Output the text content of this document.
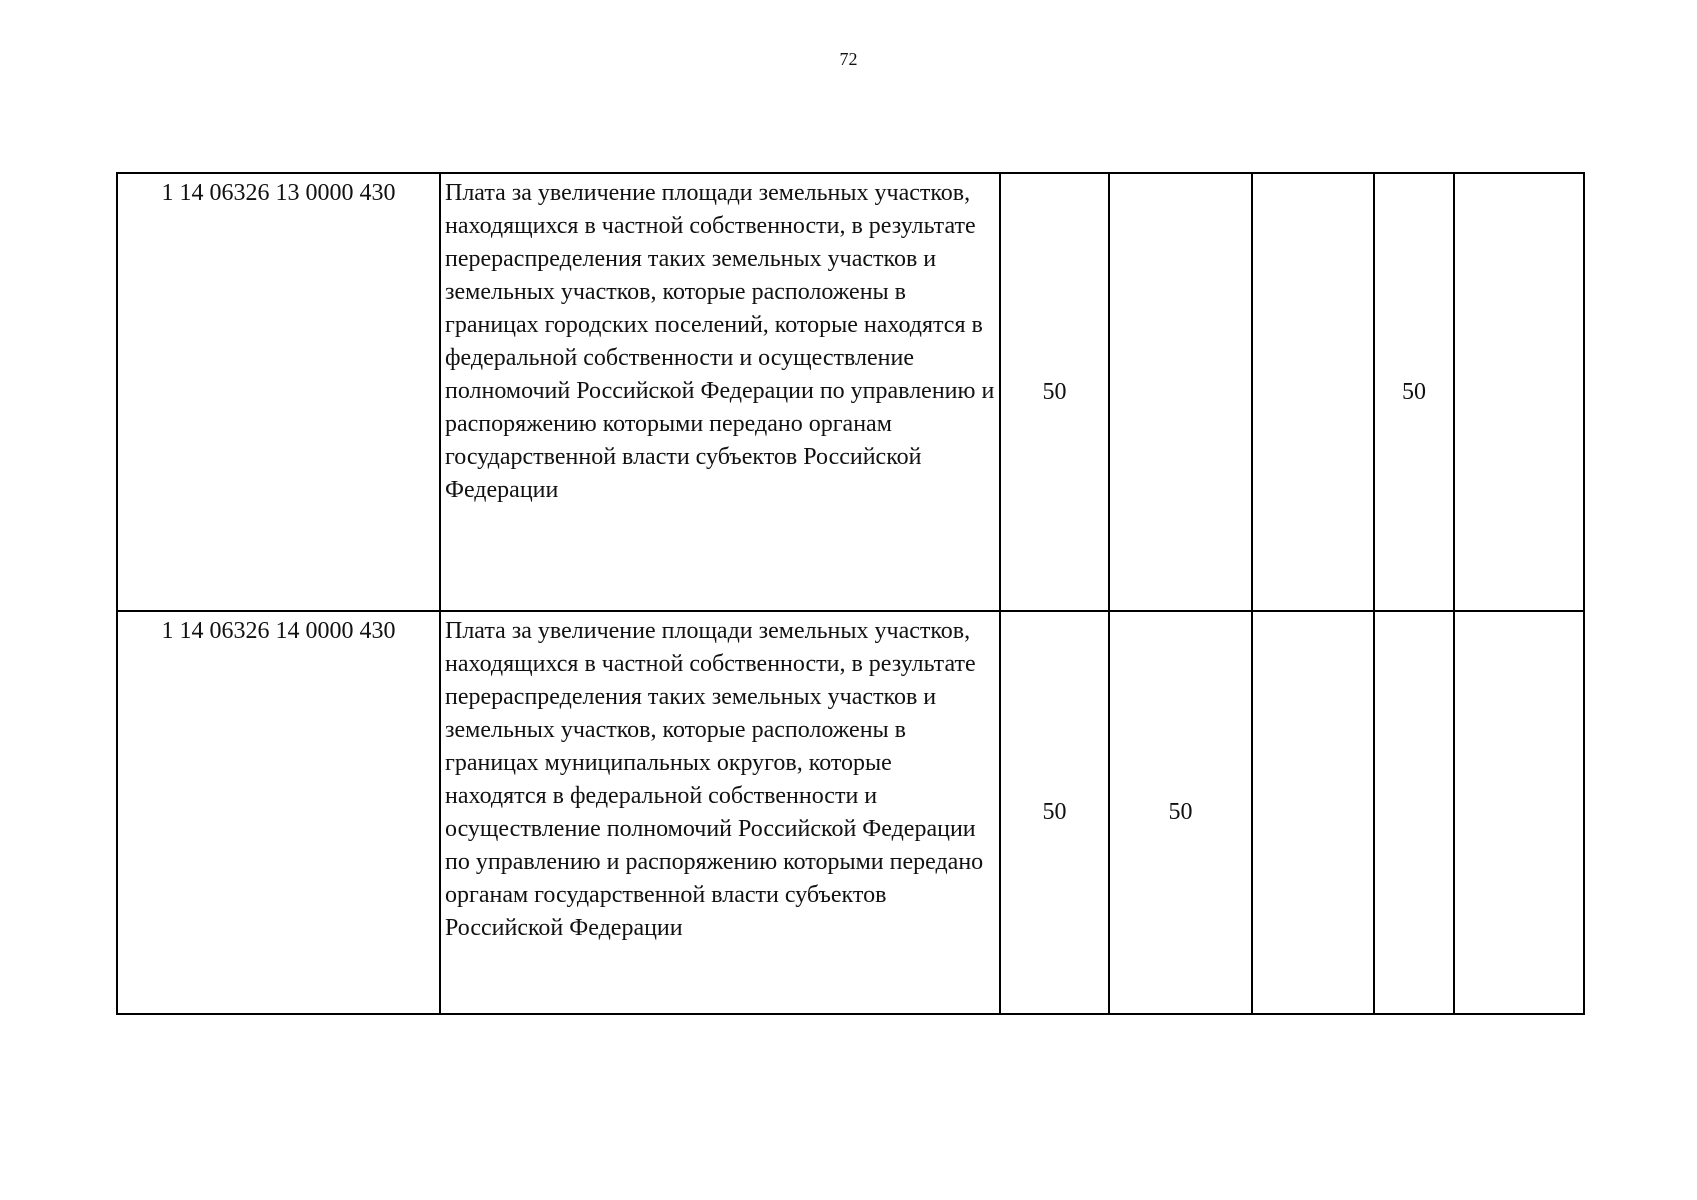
72
1 14 06326 13 0000 430	Плата за увеличение площади земельных участков, находящихся в частной собственности, в результате перераспределения таких земельных участков и земельных участков, которые расположены в границах городских поселений, которые находятся в федеральной собственности и осуществление полномочий Российской Федерации по управлению и распоряжению которыми передано органам государственной власти субъектов Российской Федерации	50			50	
1 14 06326 14 0000 430	Плата за увеличение площади земельных участков, находящихся в частной собственности, в результате перераспределения таких земельных участков и земельных участков, которые расположены в границах муниципальных округов, которые находятся в федеральной собственности и осуществление полномочий Российской Федерации по управлению и распоряжению которыми передано органам государственной власти субъектов Российской Федерации	50	50			
